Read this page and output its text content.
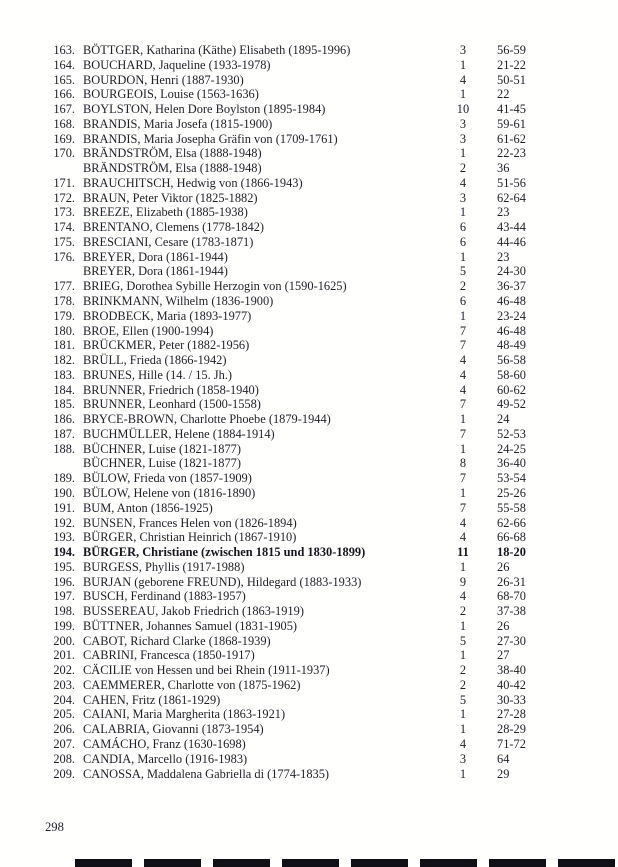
163. BÖTTGER, Katharina (Käthe) Elisabeth (1895-1996)	3	56-59
164. BOUCHARD, Jaqueline (1933-1978)	1	21-22
165. BOURDON, Henri (1887-1930)	4	50-51
166. BOURGEOIS, Louise (1563-1636)	1	22
167. BOYLSTON, Helen Dore Boylston (1895-1984)	10	41-45
168. BRANDIS, Maria Josefa (1815-1900)	3	59-61
169. BRANDIS, Maria Josepha Gräfin von (1709-1761)	3	61-62
170. BRÄNDSTRÖM, Elsa (1888-1948)	1	22-23
BRÄNDSTRÖM, Elsa (1888-1948)	2	36
171. BRAUCHITSCH, Hedwig von (1866-1943)	4	51-56
172. BRAUN, Peter Viktor (1825-1882)	3	62-64
173. BREEZE, Elizabeth (1885-1938)	1	23
174. BRENTANO, Clemens (1778-1842)	6	43-44
175. BRESCIANI, Cesare (1783-1871)	6	44-46
176. BREYER, Dora (1861-1944)	1	23
BREYER, Dora (1861-1944)	5	24-30
177. BRIEG, Dorothea Sybille Herzogin von (1590-1625)	2	36-37
178. BRINKMANN, Wilhelm (1836-1900)	6	46-48
179. BRODBECK, Maria (1893-1977)	1	23-24
180. BROE, Ellen (1900-1994)	7	46-48
181. BRÜCKMER, Peter (1882-1956)	7	48-49
182. BRÜLL, Frieda (1866-1942)	4	56-58
183. BRUNES, Hille (14. / 15. Jh.)	4	58-60
184. BRUNNER, Friedrich (1858-1940)	4	60-62
185. BRUNNER, Leonhard (1500-1558)	7	49-52
186. BRYCE-BROWN, Charlotte Phoebe (1879-1944)	1	24
187. BUCHMÜLLER, Helene (1884-1914)	7	52-53
188. BÜCHNER, Luise (1821-1877)	1	24-25
BÜCHNER, Luise (1821-1877)	8	36-40
189. BÜLOW, Frieda von (1857-1909)	7	53-54
190. BÜLOW, Helene von (1816-1890)	1	25-26
191. BUM, Anton (1856-1925)	7	55-58
192. BUNSEN, Frances Helen von (1826-1894)	4	62-66
193. BÜRGER, Christian Heinrich (1867-1910)	4	66-68
194. BÜRGER, Christiane (zwischen 1815 und 1830-1899)	11	18-20
195. BURGESS, Phyllis (1917-1988)	1	26
196. BURJAN (geborene FREUND), Hildegard (1883-1933)	9	26-31
197. BUSCH, Ferdinand (1883-1957)	4	68-70
198. BUSSEREAU, Jakob Friedrich (1863-1919)	2	37-38
199. BÜTTNER, Johannes Samuel (1831-1905)	1	26
200. CABOT, Richard Clarke (1868-1939)	5	27-30
201. CABRINI, Francesca (1850-1917)	1	27
202. CÄCILIE von Hessen und bei Rhein (1911-1937)	2	38-40
203. CAEMMERER, Charlotte von (1875-1962)	2	40-42
204. CAHEN, Fritz (1861-1929)	5	30-33
205. CAIANI, Maria Margherita (1863-1921)	1	27-28
206. CALABRIA, Giovanni (1873-1954)	1	28-29
207. CAMÁCHO, Franz (1630-1698)	4	71-72
208. CANDIA, Marcello (1916-1983)	3	64
209. CANOSSA, Maddalena Gabriella di (1774-1835)	1	29
298
